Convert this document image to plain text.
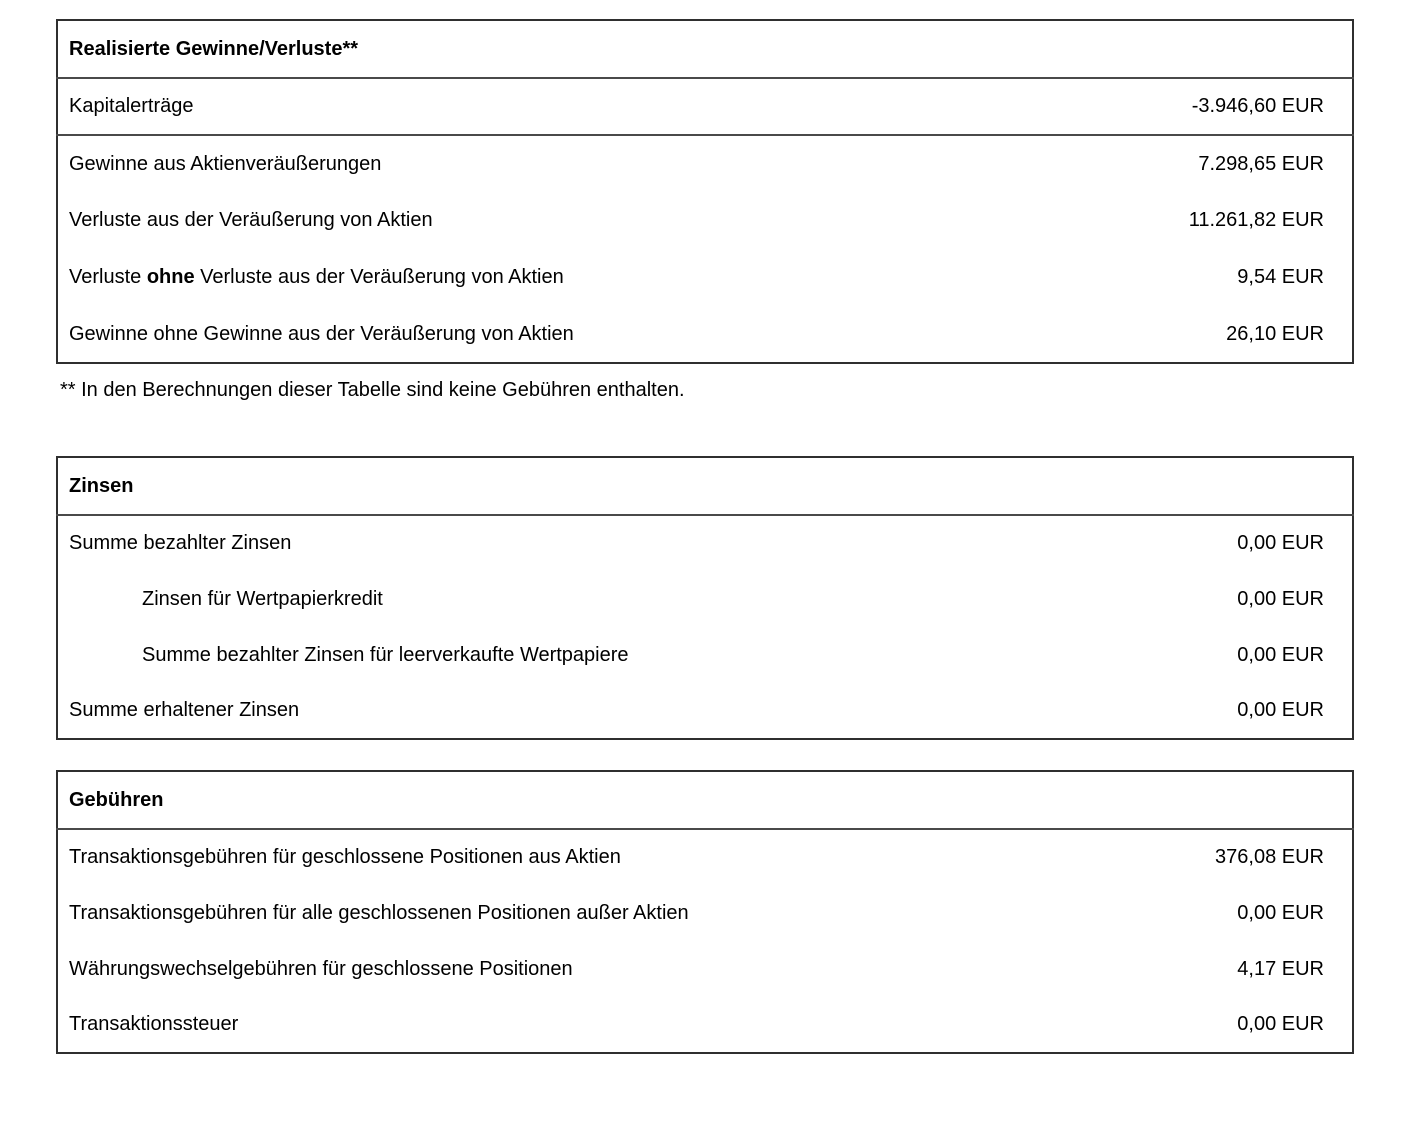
Realisierte Gewinne/Verluste**	
Kapitalerträge	-3.946,60 EUR
Gewinne aus Aktienveräußerungen	7.298,65 EUR
Verluste aus der Veräußerung von Aktien	11.261,82 EUR
Verluste ohne Verluste aus der Veräußerung von Aktien	9,54 EUR
Gewinne ohne Gewinne aus der Veräußerung von Aktien	26,10 EUR
** In den Berechnungen dieser Tabelle sind keine Gebühren enthalten.
Zinsen	
Summe bezahlter Zinsen	0,00 EUR
Zinsen für Wertpapierkredit	0,00 EUR
Summe bezahlter Zinsen für leerverkaufte Wertpapiere	0,00 EUR
Summe erhaltener Zinsen	0,00 EUR
Gebühren	
Transaktionsgebühren für geschlossene Positionen aus Aktien	376,08 EUR
Transaktionsgebühren für alle geschlossenen Positionen außer Aktien	0,00 EUR
Währungswechselgebühren für geschlossene Positionen	4,17 EUR
Transaktionssteuer	0,00 EUR
